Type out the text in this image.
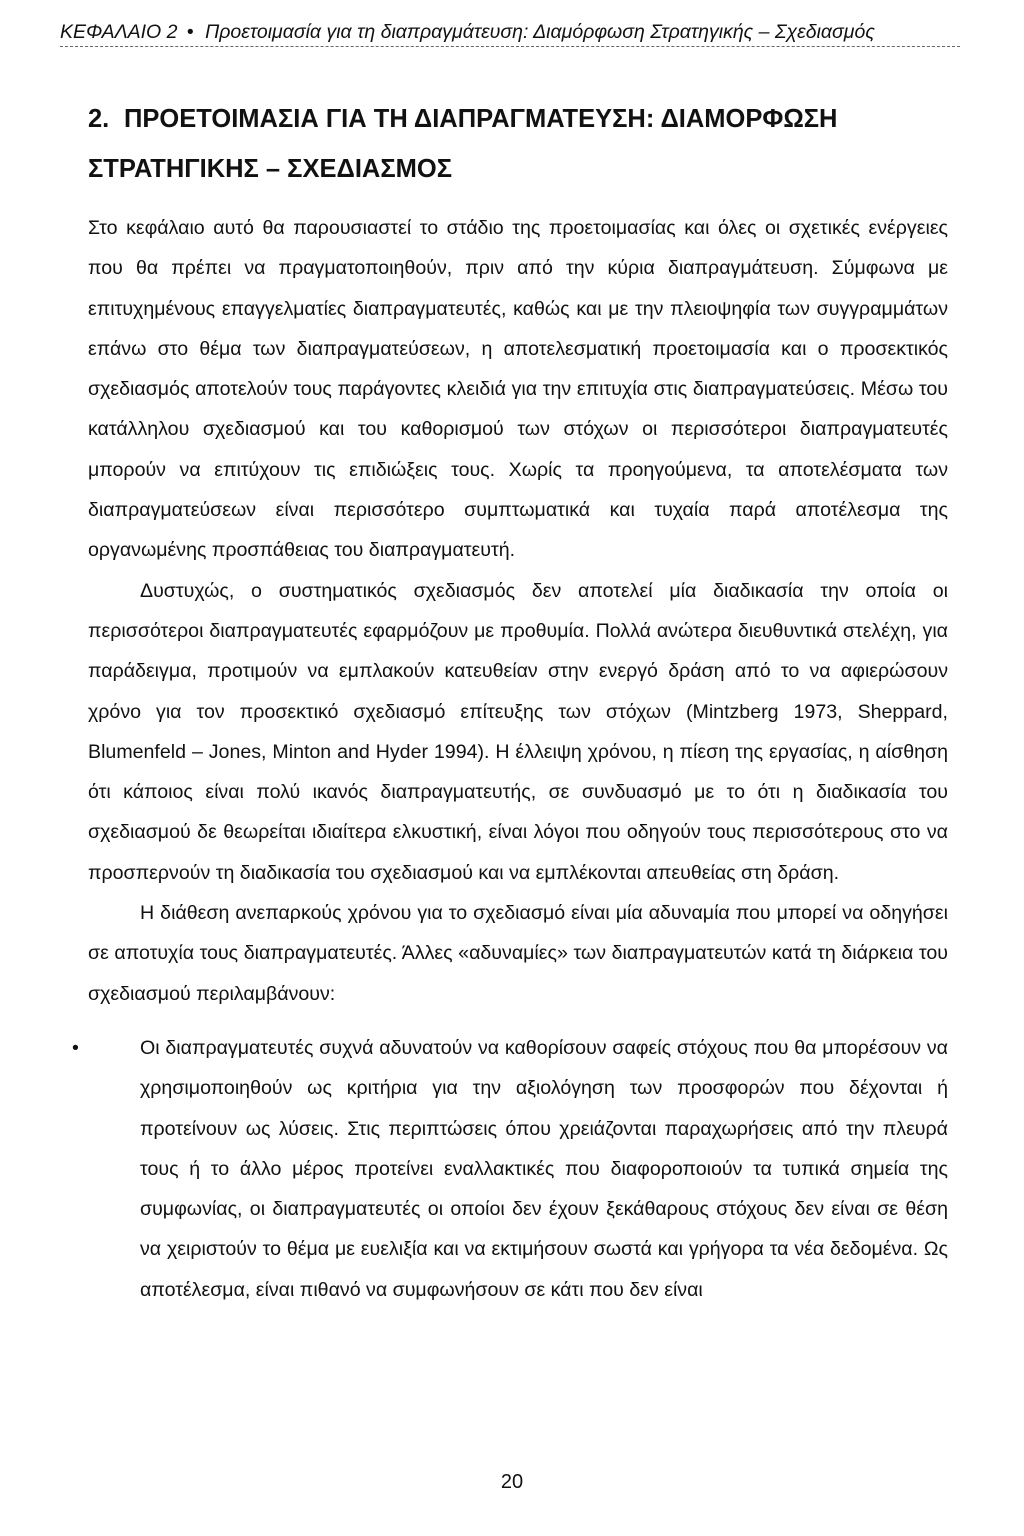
ΚΕΦΑΛΑΙΟ 2 • Προετοιμασία για τη διαπραγμάτευση: Διαμόρφωση Στρατηγικής – Σχεδιασμός
2. ΠΡΟΕΤΟΙΜΑΣΙΑ ΓΙΑ ΤΗ ΔΙΑΠΡΑΓΜΑΤΕΥΣΗ: ΔΙΑΜΟΡΦΩΣΗ ΣΤΡΑΤΗΓΙΚΗΣ – ΣΧΕΔΙΑΣΜΟΣ

Στο κεφάλαιο αυτό θα παρουσιαστεί το στάδιο της προετοιμασίας και όλες οι σχετικές ενέργειες που θα πρέπει να πραγματοποιηθούν, πριν από την κύρια διαπραγμάτευση. Σύμφωνα με επιτυχημένους επαγγελματίες διαπραγματευτές, καθώς και με την πλειοψηφία των συγγραμμάτων επάνω στο θέμα των διαπραγματεύσεων, η αποτελεσματική προετοιμασία και ο προσεκτικός σχεδιασμός αποτελούν τους παράγοντες κλειδιά για την επιτυχία στις διαπραγματεύσεις. Μέσω του κατάλληλου σχεδιασμού και του καθορισμού των στόχων οι περισσότεροι διαπραγματευτές μπορούν να επιτύχουν τις επιδιώξεις τους. Χωρίς τα προηγούμενα, τα αποτελέσματα των διαπραγματεύσεων είναι περισσότερο συμπτωματικά και τυχαία παρά αποτέλεσμα της οργανωμένης προσπάθειας του διαπραγματευτή.

Δυστυχώς, ο συστηματικός σχεδιασμός δεν αποτελεί μία διαδικασία την οποία οι περισσότεροι διαπραγματευτές εφαρμόζουν με προθυμία. Πολλά ανώτερα διευθυντικά στελέχη, για παράδειγμα, προτιμούν να εμπλακούν κατευθείαν στην ενεργό δράση από το να αφιερώσουν χρόνο για τον προσεκτικό σχεδιασμό επίτευξης των στόχων (Mintzberg 1973, Sheppard, Blumenfeld – Jones, Minton and Hyder 1994). Η έλλειψη χρόνου, η πίεση της εργασίας, η αίσθηση ότι κάποιος είναι πολύ ικανός διαπραγματευτής, σε συνδυασμό με το ότι η διαδικασία του σχεδιασμού δε θεωρείται ιδιαίτερα ελκυστική, είναι λόγοι που οδηγούν τους περισσότερους στο να προσπερνούν τη διαδικασία του σχεδιασμού και να εμπλέκονται απευθείας στη δράση.

Η διάθεση ανεπαρκούς χρόνου για το σχεδιασμό είναι μία αδυναμία που μπορεί να οδηγήσει σε αποτυχία τους διαπραγματευτές. Άλλες «αδυναμίες» των διαπραγματευτών κατά τη διάρκεια του σχεδιασμού περιλαμβάνουν:

•	Οι διαπραγματευτές συχνά αδυνατούν να καθορίσουν σαφείς στόχους που θα μπορέσουν να χρησιμοποιηθούν ως κριτήρια για την αξιολόγηση των προσφορών που δέχονται ή προτείνουν ως λύσεις. Στις περιπτώσεις όπου χρειάζονται παραχωρήσεις από την πλευρά τους ή το άλλο μέρος προτείνει εναλλακτικές που διαφοροποιούν τα τυπικά σημεία της συμφωνίας, οι διαπραγματευτές οι οποίοι δεν έχουν ξεκάθαρους στόχους δεν είναι σε θέση να χειριστούν το θέμα με ευελιξία και να εκτιμήσουν σωστά και γρήγορα τα νέα δεδομένα. Ως αποτέλεσμα, είναι πιθανό να συμφωνήσουν σε κάτι που δεν είναι
20
